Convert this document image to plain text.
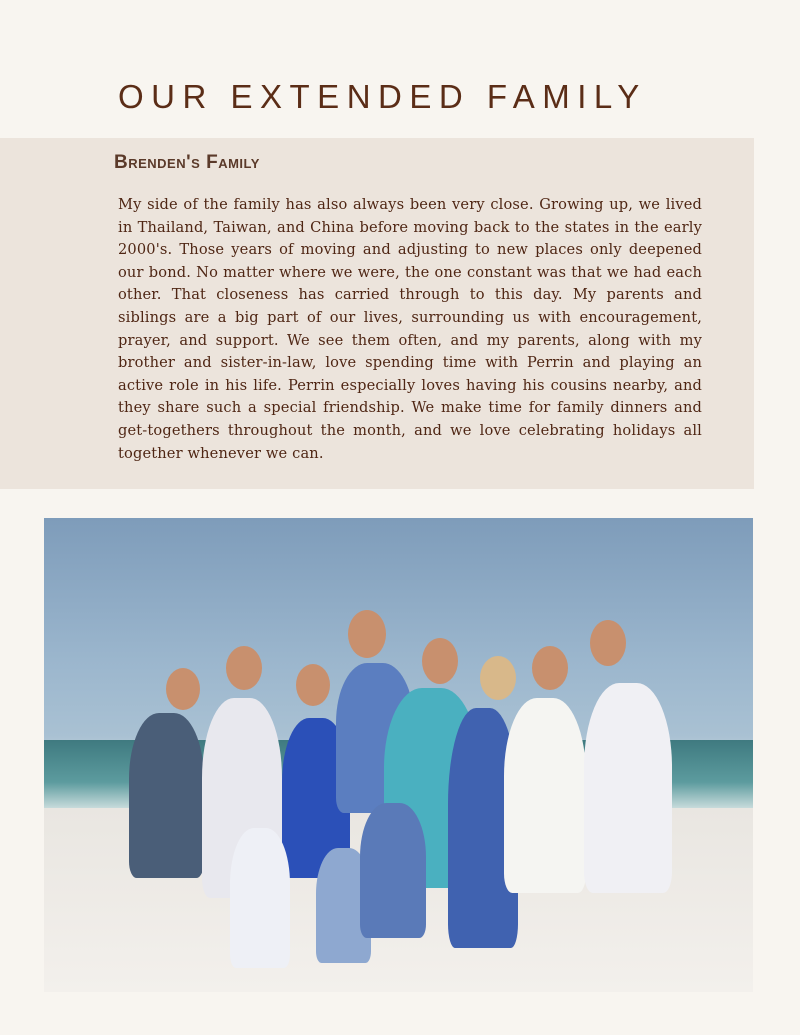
OUR EXTENDED FAMILY
Brenden's Family
My side of the family has also always been very close. Growing up, we lived in Thailand, Taiwan, and China before moving back to the states in the early 2000's. Those years of moving and adjusting to new places only deepened our bond. No matter where we were, the one constant was that we had each other. That closeness has carried through to this day. My parents and siblings are a big part of our lives, surrounding us with encouragement, prayer, and support. We see them often, and my parents, along with my brother and sister-in-law, love spending time with Perrin and playing an active role in his life. Perrin especially loves having his cousins nearby, and they share such a special friendship. We make time for family dinners and get-togethers throughout the month, and we love celebrating holidays all together whenever we can.
